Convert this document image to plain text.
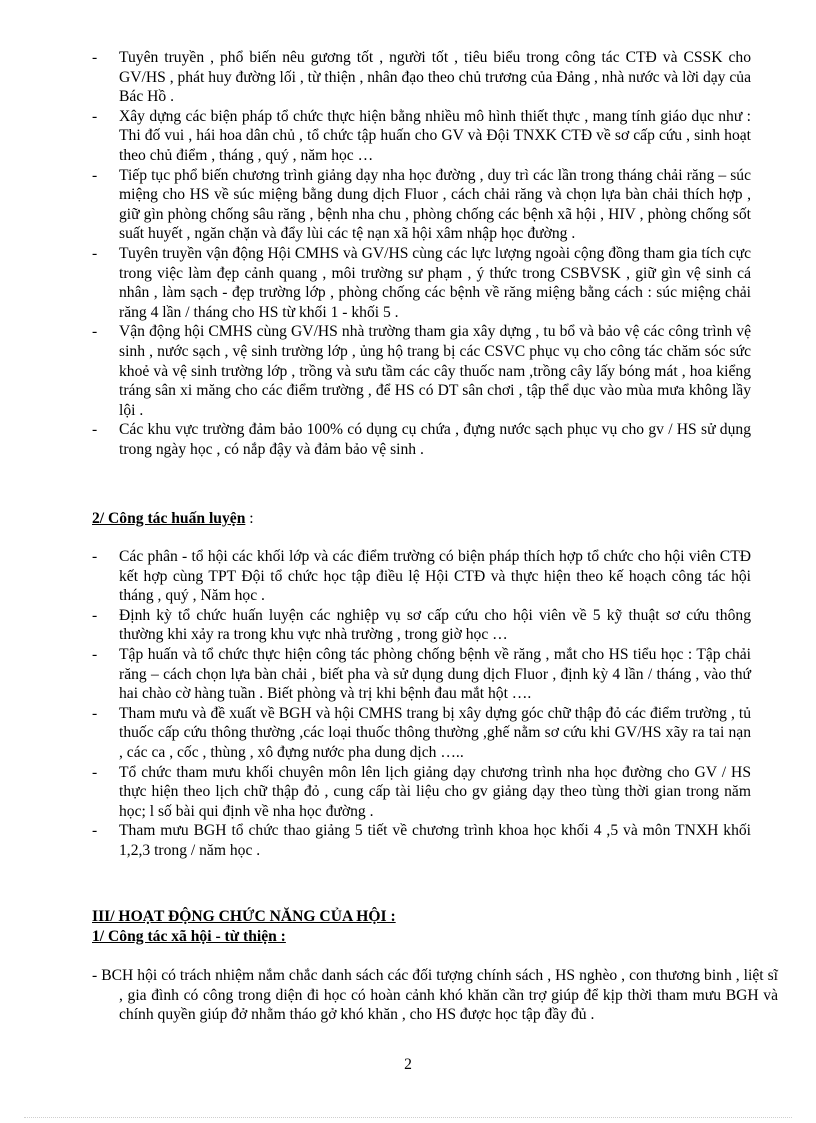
- Tuyên truyền , phổ biến nêu gương tốt , người tốt , tiêu biểu trong công tác CTĐ và CSSK cho GV/HS , phát huy đường lối , từ thiện , nhân đạo theo chủ trương của Đảng , nhà nước và lời dạy của Bác Hồ .
- Xây dựng các biện pháp tổ chức thực hiện bằng nhiều mô hình thiết thực , mang tính giáo dục như : Thi đố vui , hái hoa dân chủ , tổ chức tập huấn cho GV và Đội TNXK CTĐ về sơ cấp cứu , sinh hoạt theo chủ điểm , tháng , quý , năm học …
- Tiếp tục phổ biến chương trình giảng dạy nha học đường , duy trì các lần trong tháng chải răng – súc miệng cho HS về súc miệng bằng dung dịch Fluor , cách chải răng và chọn lựa bàn chải thích hợp , giữ gìn phòng chống sâu răng , bệnh nha chu , phòng chống các bệnh xã hội , HIV , phòng chống sốt suất huyết , ngăn chặn và đẩy lùi các tệ nạn xã hội xâm nhập học đường .
- Tuyên truyền vận động Hội CMHS và GV/HS cùng các lực lượng ngoài cộng đồng tham gia tích cực trong việc làm đẹp cảnh quang , môi trường sư phạm , ý thức trong CSBVSK , giữ gìn vệ sinh cá nhân , làm sạch - đẹp trường lớp , phòng chống các bệnh về răng miệng bằng cách : súc miệng chải răng 4 lần / tháng cho HS từ khối 1 - khối 5 .
- Vận động hội CMHS cùng GV/HS nhà trường tham gia xây dựng , tu bổ và bảo vệ các công trình vệ sinh , nước sạch , vệ sinh trường lớp , ủng hộ trang bị các CSVC phục vụ cho công tác chăm sóc sức khoẻ và vệ sinh trường lớp , trồng và sưu tầm các cây thuốc nam ,trồng cây lấy bóng mát , hoa kiểng tráng sân xi măng cho các điểm trường , để HS có DT sân chơi , tập thể dục vào mùa mưa không lầy lội .
- Các khu vực trường đảm bảo 100% có dụng cụ chứa , đựng nước sạch phục vụ cho gv / HS sử dụng trong ngày học , có nắp đậy và đảm bảo vệ sinh .
2/ Công tác huấn luyện :
- Các phân - tổ hội các khối lớp và các điểm trường có biện pháp thích hợp tổ chức cho hội viên CTĐ kết hợp cùng TPT Đội tổ chức học tập điều lệ Hội CTĐ và thực hiện theo kế hoạch công tác hội tháng , quý , Năm học .
- Định kỳ tổ chức huấn luyện các nghiệp vụ sơ cấp cứu cho hội viên về 5 kỹ thuật sơ cứu thông thường khi xảy ra trong khu vực nhà trường , trong giờ học …
- Tập huấn và tổ chức thực hiện công tác phòng chống bệnh về răng , mắt cho HS tiểu học : Tập chải răng – cách chọn lựa bàn chải , biết pha và sử dụng dung dịch Fluor , định kỳ 4 lần / tháng , vào thứ hai chào cờ hàng tuần . Biết phòng và trị khi bệnh đau mắt hột ….
- Tham mưu và đề xuất về BGH và hội CMHS trang bị xây dựng góc chữ thập đỏ các điểm trường , tủ thuốc cấp cứu thông thường ,các loại thuốc thông thường ,ghế nằm sơ cứu khi GV/HS xãy ra tai nạn , các ca , cốc , thùng , xô đựng nước pha dung dịch …..
- Tổ chức tham mưu khối chuyên môn lên lịch giảng dạy chương trình nha học đường cho GV / HS thực hiện theo lịch chữ thập đỏ , cung cấp tài liệu cho gv giảng dạy theo tùng thời gian trong năm học; l số bài qui định về nha học đường .
- Tham mưu BGH tổ chức thao giảng 5 tiết về chương trình khoa học khối 4 ,5 và môn TNXH khối 1,2,3 trong / năm học .
III/ HOẠT ĐỘNG CHỨC NĂNG CỦA HỘI :
1/ Công tác xã hội - từ thiện :
- BCH hội có trách nhiệm nắm chắc danh sách các đối tượng chính sách , HS nghèo , con thương binh , liệt sĩ , gia đình có công trong diện đi học có hoàn cảnh khó khăn cần trợ giúp để kịp thời tham mưu BGH và chính quyền giúp đở nhằm tháo gở khó khăn , cho HS được học tập đầy đủ .
2
